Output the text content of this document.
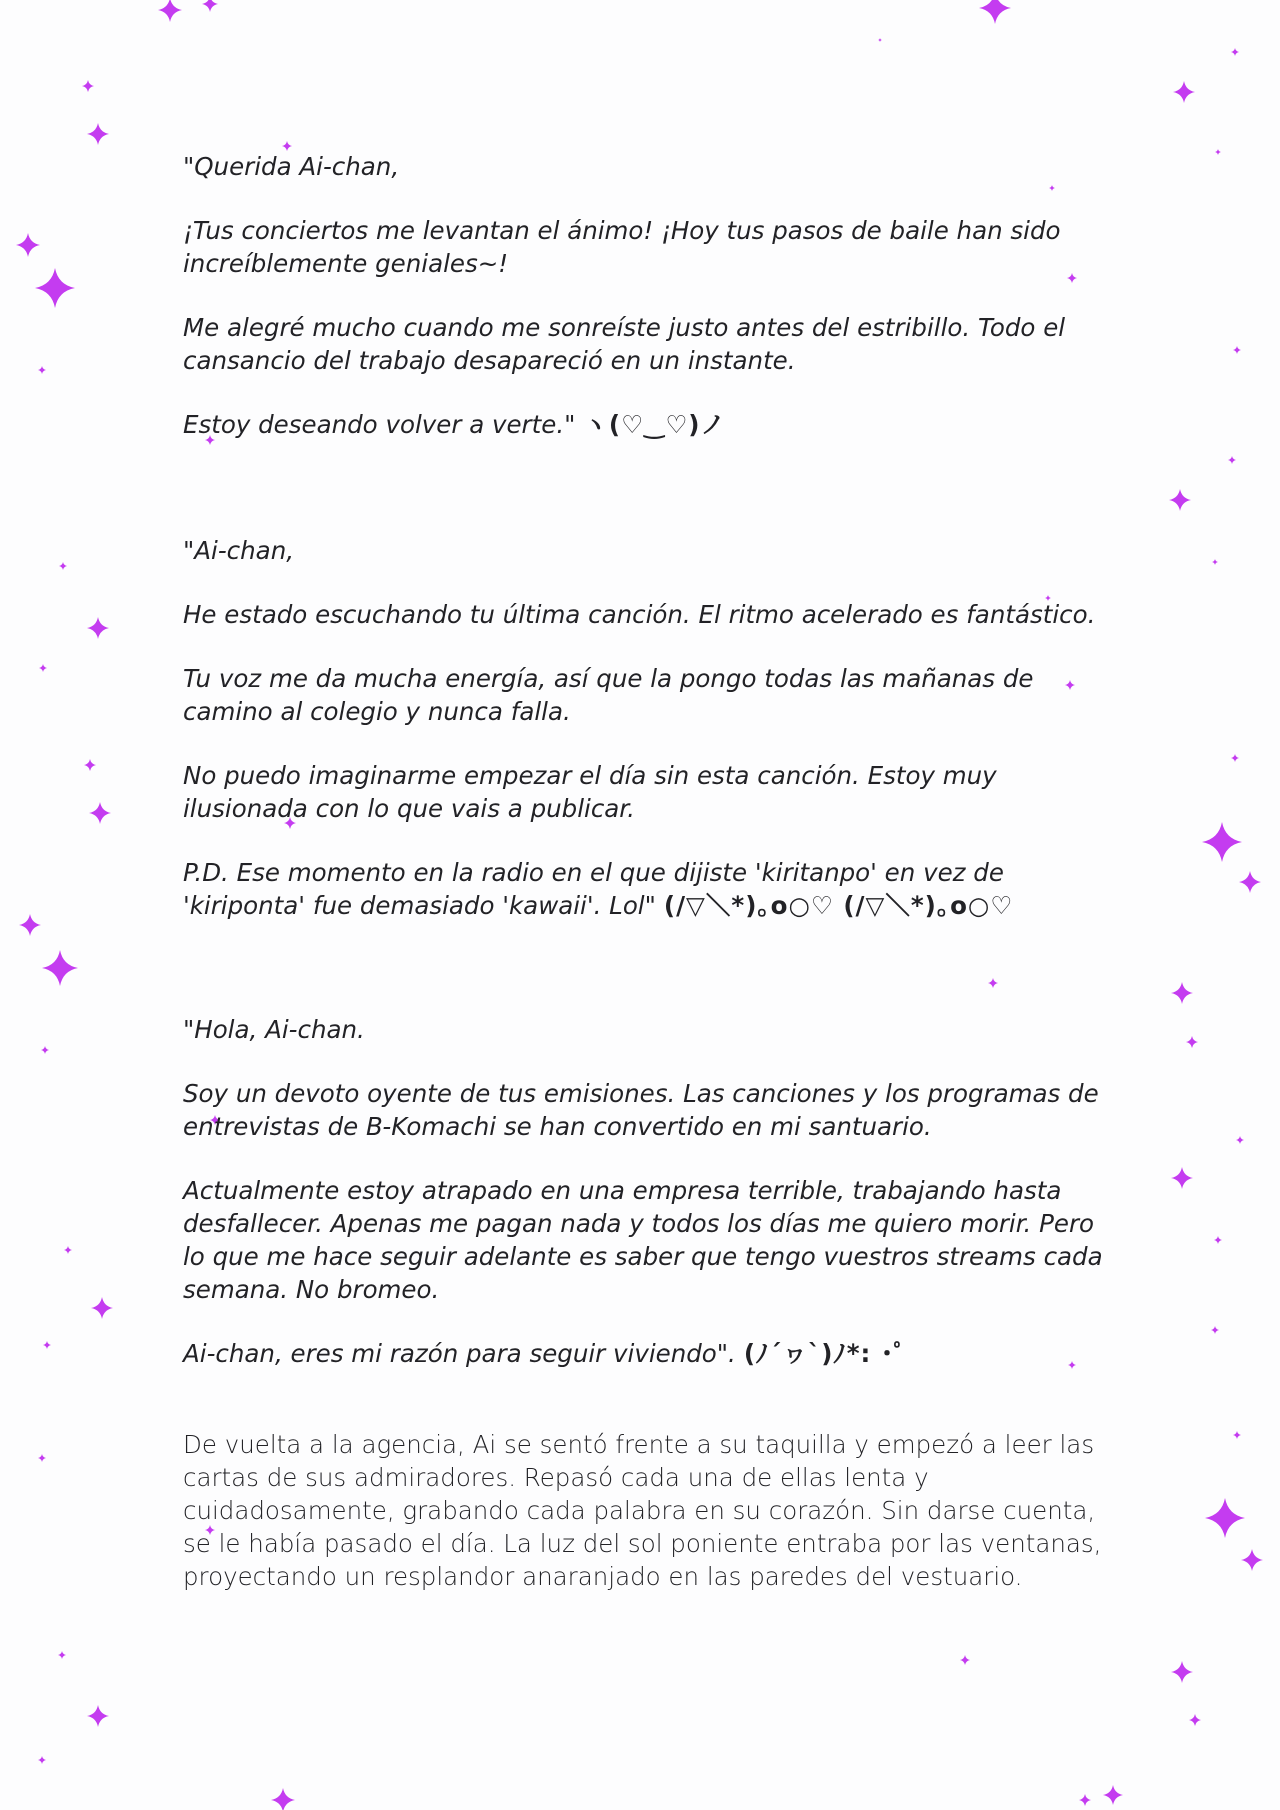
"Querida Ai-chan,

¡Tus conciertos me levantan el ánimo! ¡Hoy tus pasos de baile han sido increíblemente geniales~!

Me alegré mucho cuando me sonreíste justo antes del estribillo. Todo el cansancio del trabajo desapareció en un instante.

Estoy deseando volver a verte." ヽ(♡‿♡)ノ

"Ai-chan,

He estado escuchando tu última canción. El ritmo acelerado es fantástico.

Tu voz me da mucha energía, así que la pongo todas las mañanas de camino al colegio y nunca falla.

No puedo imaginarme empezar el día sin esta canción. Estoy muy ilusionada con lo que vais a publicar.

P.D. Ese momento en la radio en el que dijiste 'kiritanpo' en vez de 'kiripontа' fue demasiado 'kawaii'. Lol" (/▽＼*)｡o○♡ (/▽＼*)｡o○♡

"Hola, Ai-chan.

Soy un devoto oyente de tus emisiones. Las canciones y los programas de entrevistas de B-Komachi se han convertido en mi santuario.

Actualmente estoy atrapado en una empresa terrible, trabajando hasta desfallecer. Apenas me pagan nada y todos los días me quiero morir. Pero lo que me hace seguir adelante es saber que tengo vuestros streams cada semana. No bromeo.

Ai-chan, eres mi razón para seguir viviendo". (ﾉ´ヮ`)ﾉ*: ･ﾟ

De vuelta a la agencia, Ai se sentó frente a su taquilla y empezó a leer las cartas de sus admiradores. Repasó cada una de ellas lenta y cuidadosamente, grabando cada palabra en su corazón. Sin darse cuenta, se le había pasado el día. La luz del sol poniente entraba por las ventanas, proyectando un resplandor anaranjado en las paredes del vestuario.
